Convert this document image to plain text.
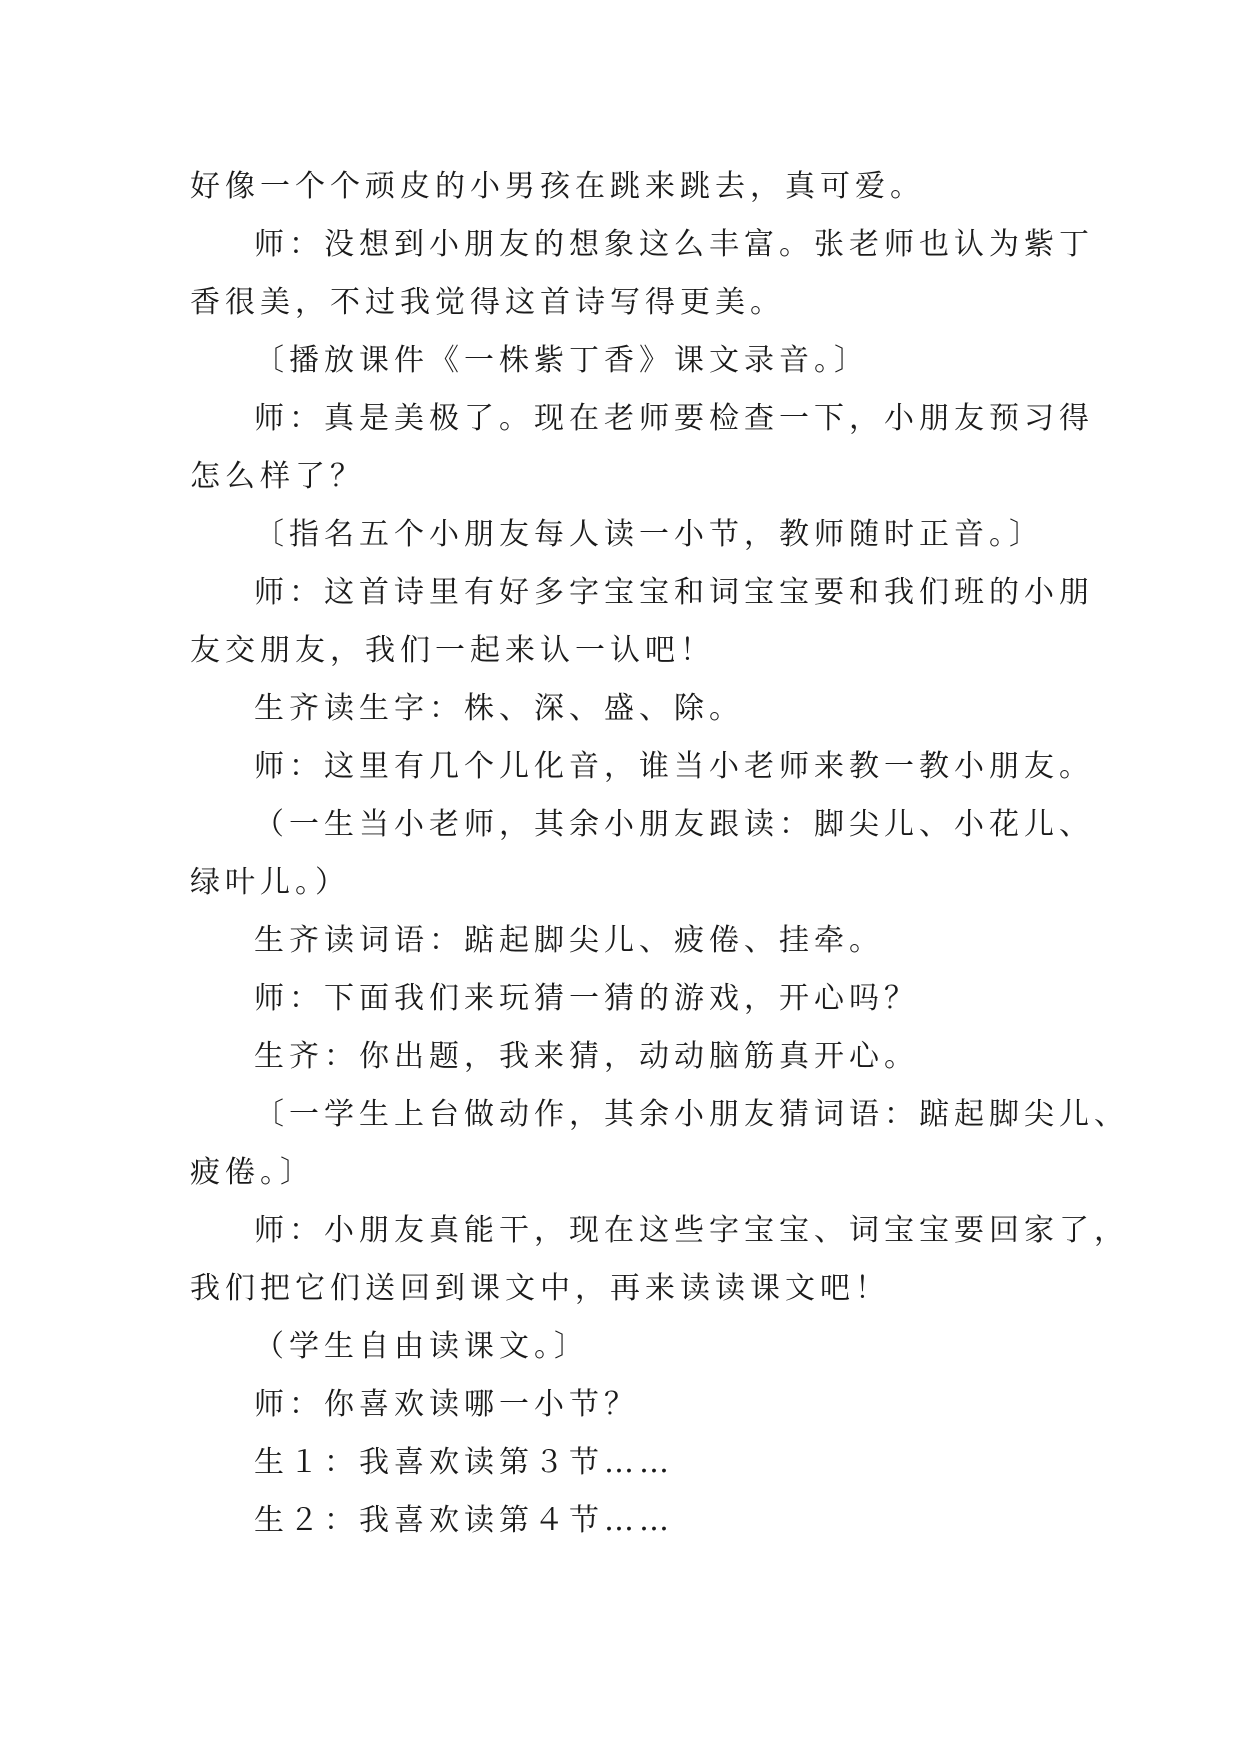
好像一个个顽皮的小男孩在跳来跳去，真可爱。
师：没想到小朋友的想象这么丰富。张老师也认为紫丁
香很美，不过我觉得这首诗写得更美。
〔播放课件《一株紫丁香》课文录音。〕
师：真是美极了。现在老师要检查一下，小朋友预习得
怎么样了？
〔指名五个小朋友每人读一小节，教师随时正音。〕
师：这首诗里有好多字宝宝和词宝宝要和我们班的小朋
友交朋友，我们一起来认一认吧！
生齐读生字：株、深、盛、除。
师：这里有几个儿化音，谁当小老师来教一教小朋友。
（一生当小老师，其余小朋友跟读：脚尖儿、小花儿、
绿叶儿。）
生齐读词语：踮起脚尖儿、疲倦、挂牵。
师：下面我们来玩猜一猜的游戏，开心吗？
生齐：你出题，我来猜，动动脑筋真开心。
〔一学生上台做动作，其余小朋友猜词语：踮起脚尖儿、
疲倦。〕
师：小朋友真能干，现在这些字宝宝、词宝宝要回家了，
我们把它们送回到课文中，再来读读课文吧！
（学生自由读课文。〕
师：你喜欢读哪一小节？
生１：我喜欢读第３节……
生２：我喜欢读第４节……
